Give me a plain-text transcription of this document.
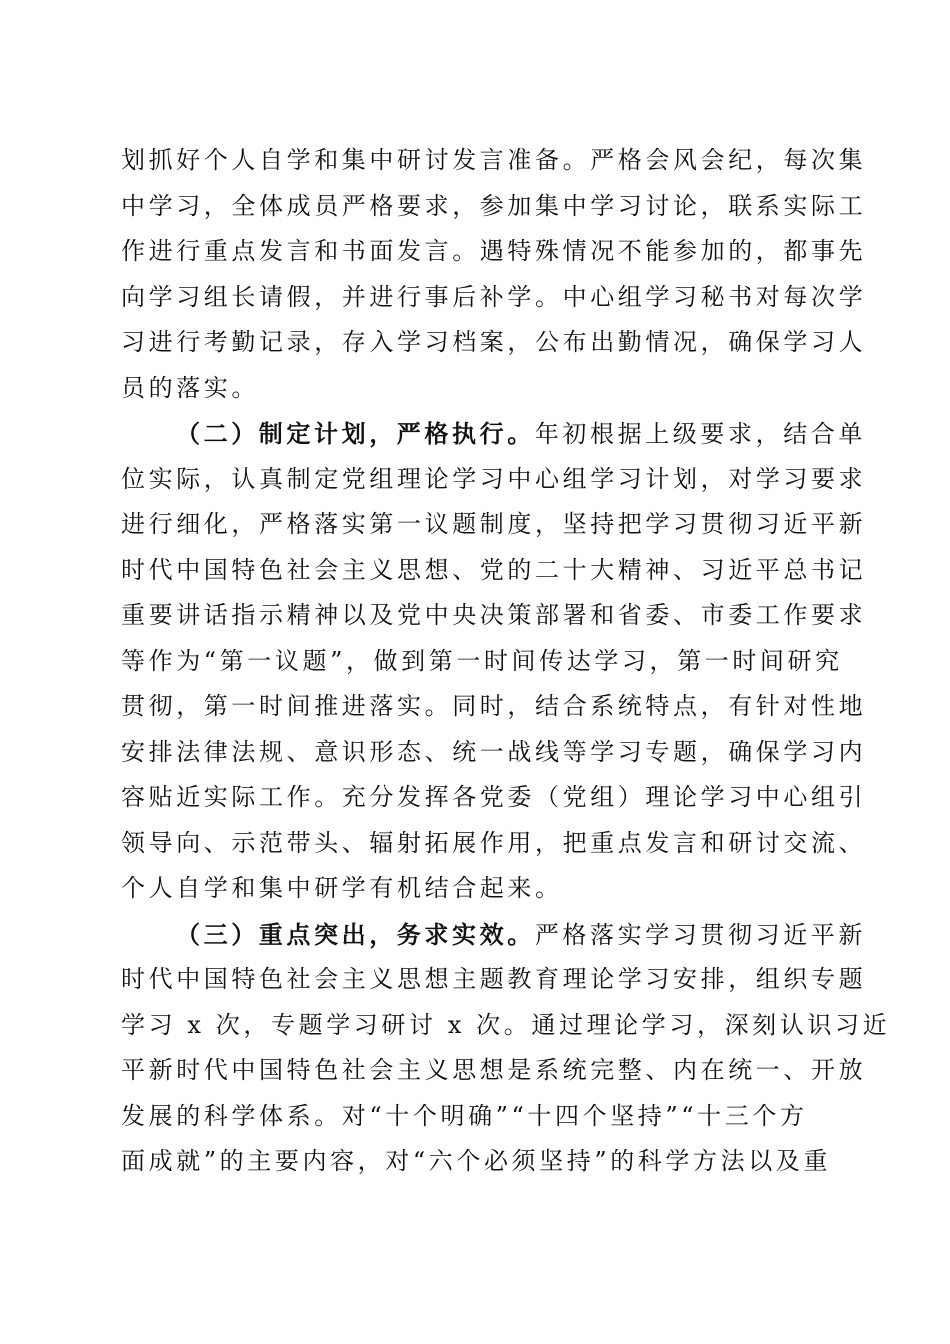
划抓好个人自学和集中研讨发言准备。严格会风会纪，每次集
中学习，全体成员严格要求，参加集中学习讨论，联系实际工
作进行重点发言和书面发言。遇特殊情况不能参加的，都事先
向学习组长请假，并进行事后补学。中心组学习秘书对每次学
习进行考勤记录，存入学习档案，公布出勤情况，确保学习人
员的落实。
（二）制定计划，严格执行。年初根据上级要求，结合单
位实际，认真制定党组理论学习中心组学习计划，对学习要求
进行细化，严格落实第一议题制度，坚持把学习贯彻习近平新
时代中国特色社会主义思想、党的二十大精神、习近平总书记
重要讲话指示精神以及党中央决策部署和省委、市委工作要求
等作为“第一议题”，做到第一时间传达学习，第一时间研究
贯彻，第一时间推进落实。同时，结合系统特点，有针对性地
安排法律法规、意识形态、统一战线等学习专题，确保学习内
容贴近实际工作。充分发挥各党委（党组）理论学习中心组引
领导向、示范带头、辐射拓展作用，把重点发言和研讨交流、
个人自学和集中研学有机结合起来。
（三）重点突出，务求实效。严格落实学习贯彻习近平新
时代中国特色社会主义思想主题教育理论学习安排，组织专题
学习 x 次，专题学习研讨 x 次。通过理论学习，深刻认识习近
平新时代中国特色社会主义思想是系统完整、内在统一、开放
发展的科学体系。对“十个明确”“十四个坚持”“十三个方
面成就”的主要内容，对“六个必须坚持”的科学方法以及重
